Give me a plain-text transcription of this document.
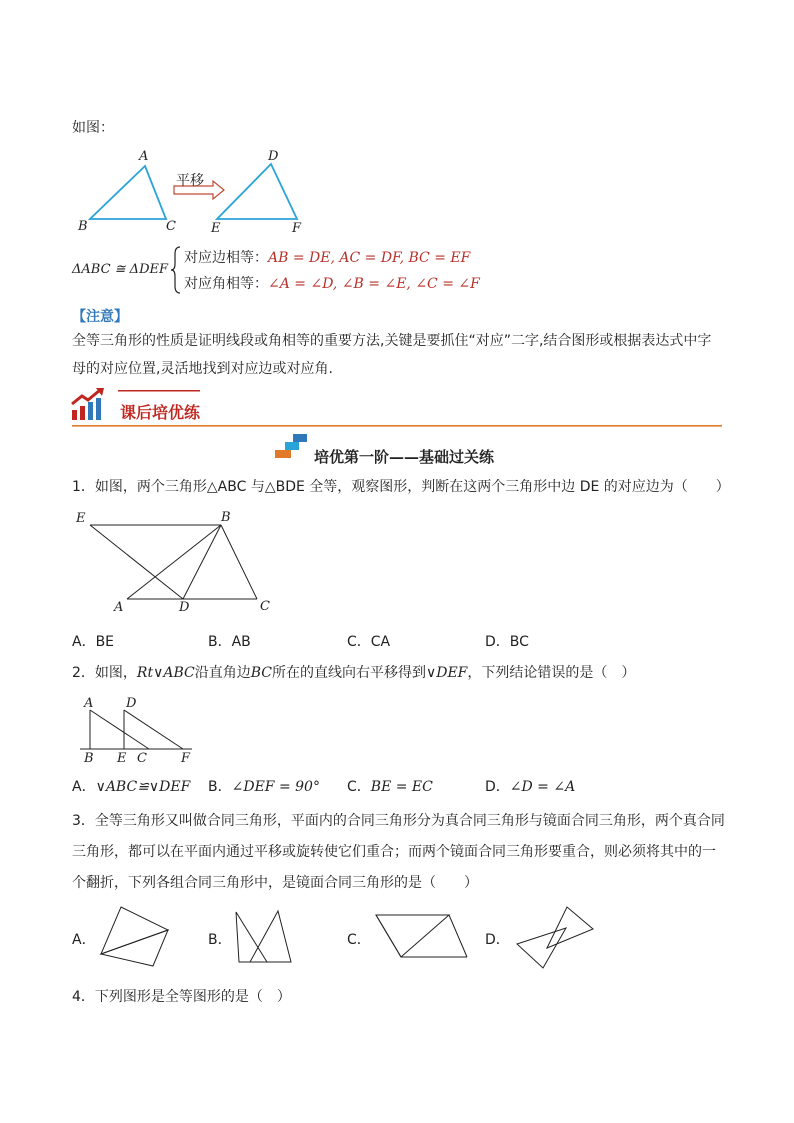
如图：
A
B	C
平移
D
E	F
ΔABC ≅ ΔDEF
对应边相等：AB = DE, AC = DF, BC = EF
对应角相等：∠A = ∠D, ∠B = ∠E, ∠C = ∠F
【注意】
全等三角形的性质是证明线段或角相等的重要方法,关键是要抓住“对应”二字,结合图形或根据表达式中字
母的对应位置,灵活地找到对应边或对应角.
课后培优练
培优第一阶——基础过关练
1．如图，两个三角形△ABC 与△BDE 全等，观察图形，判断在这两个三角形中边 DE 的对应边为（　　）
E	B
A	D	C
A．BE	B．AB	C．CA	D．BC
2．如图，Rt∨ABC沿直角边BC所在的直线向右平移得到∨DEF，下列结论错误的是（　）
A	D
B E C	F
A．∨ABC≌∨DEF B．∠DEF = 90° C．BE = EC	D．∠D = ∠A
3．全等三角形又叫做合同三角形，平面内的合同三角形分为真合同三角形与镜面合同三角形，两个真合同
三角形，都可以在平面内通过平移或旋转使它们重合；而两个镜面合同三角形要重合，则必须将其中的一
个翻折，下列各组合同三角形中，是镜面合同三角形的是（　　）
A．	B．	C．	D．
4．下列图形是全等图形的是（　）
